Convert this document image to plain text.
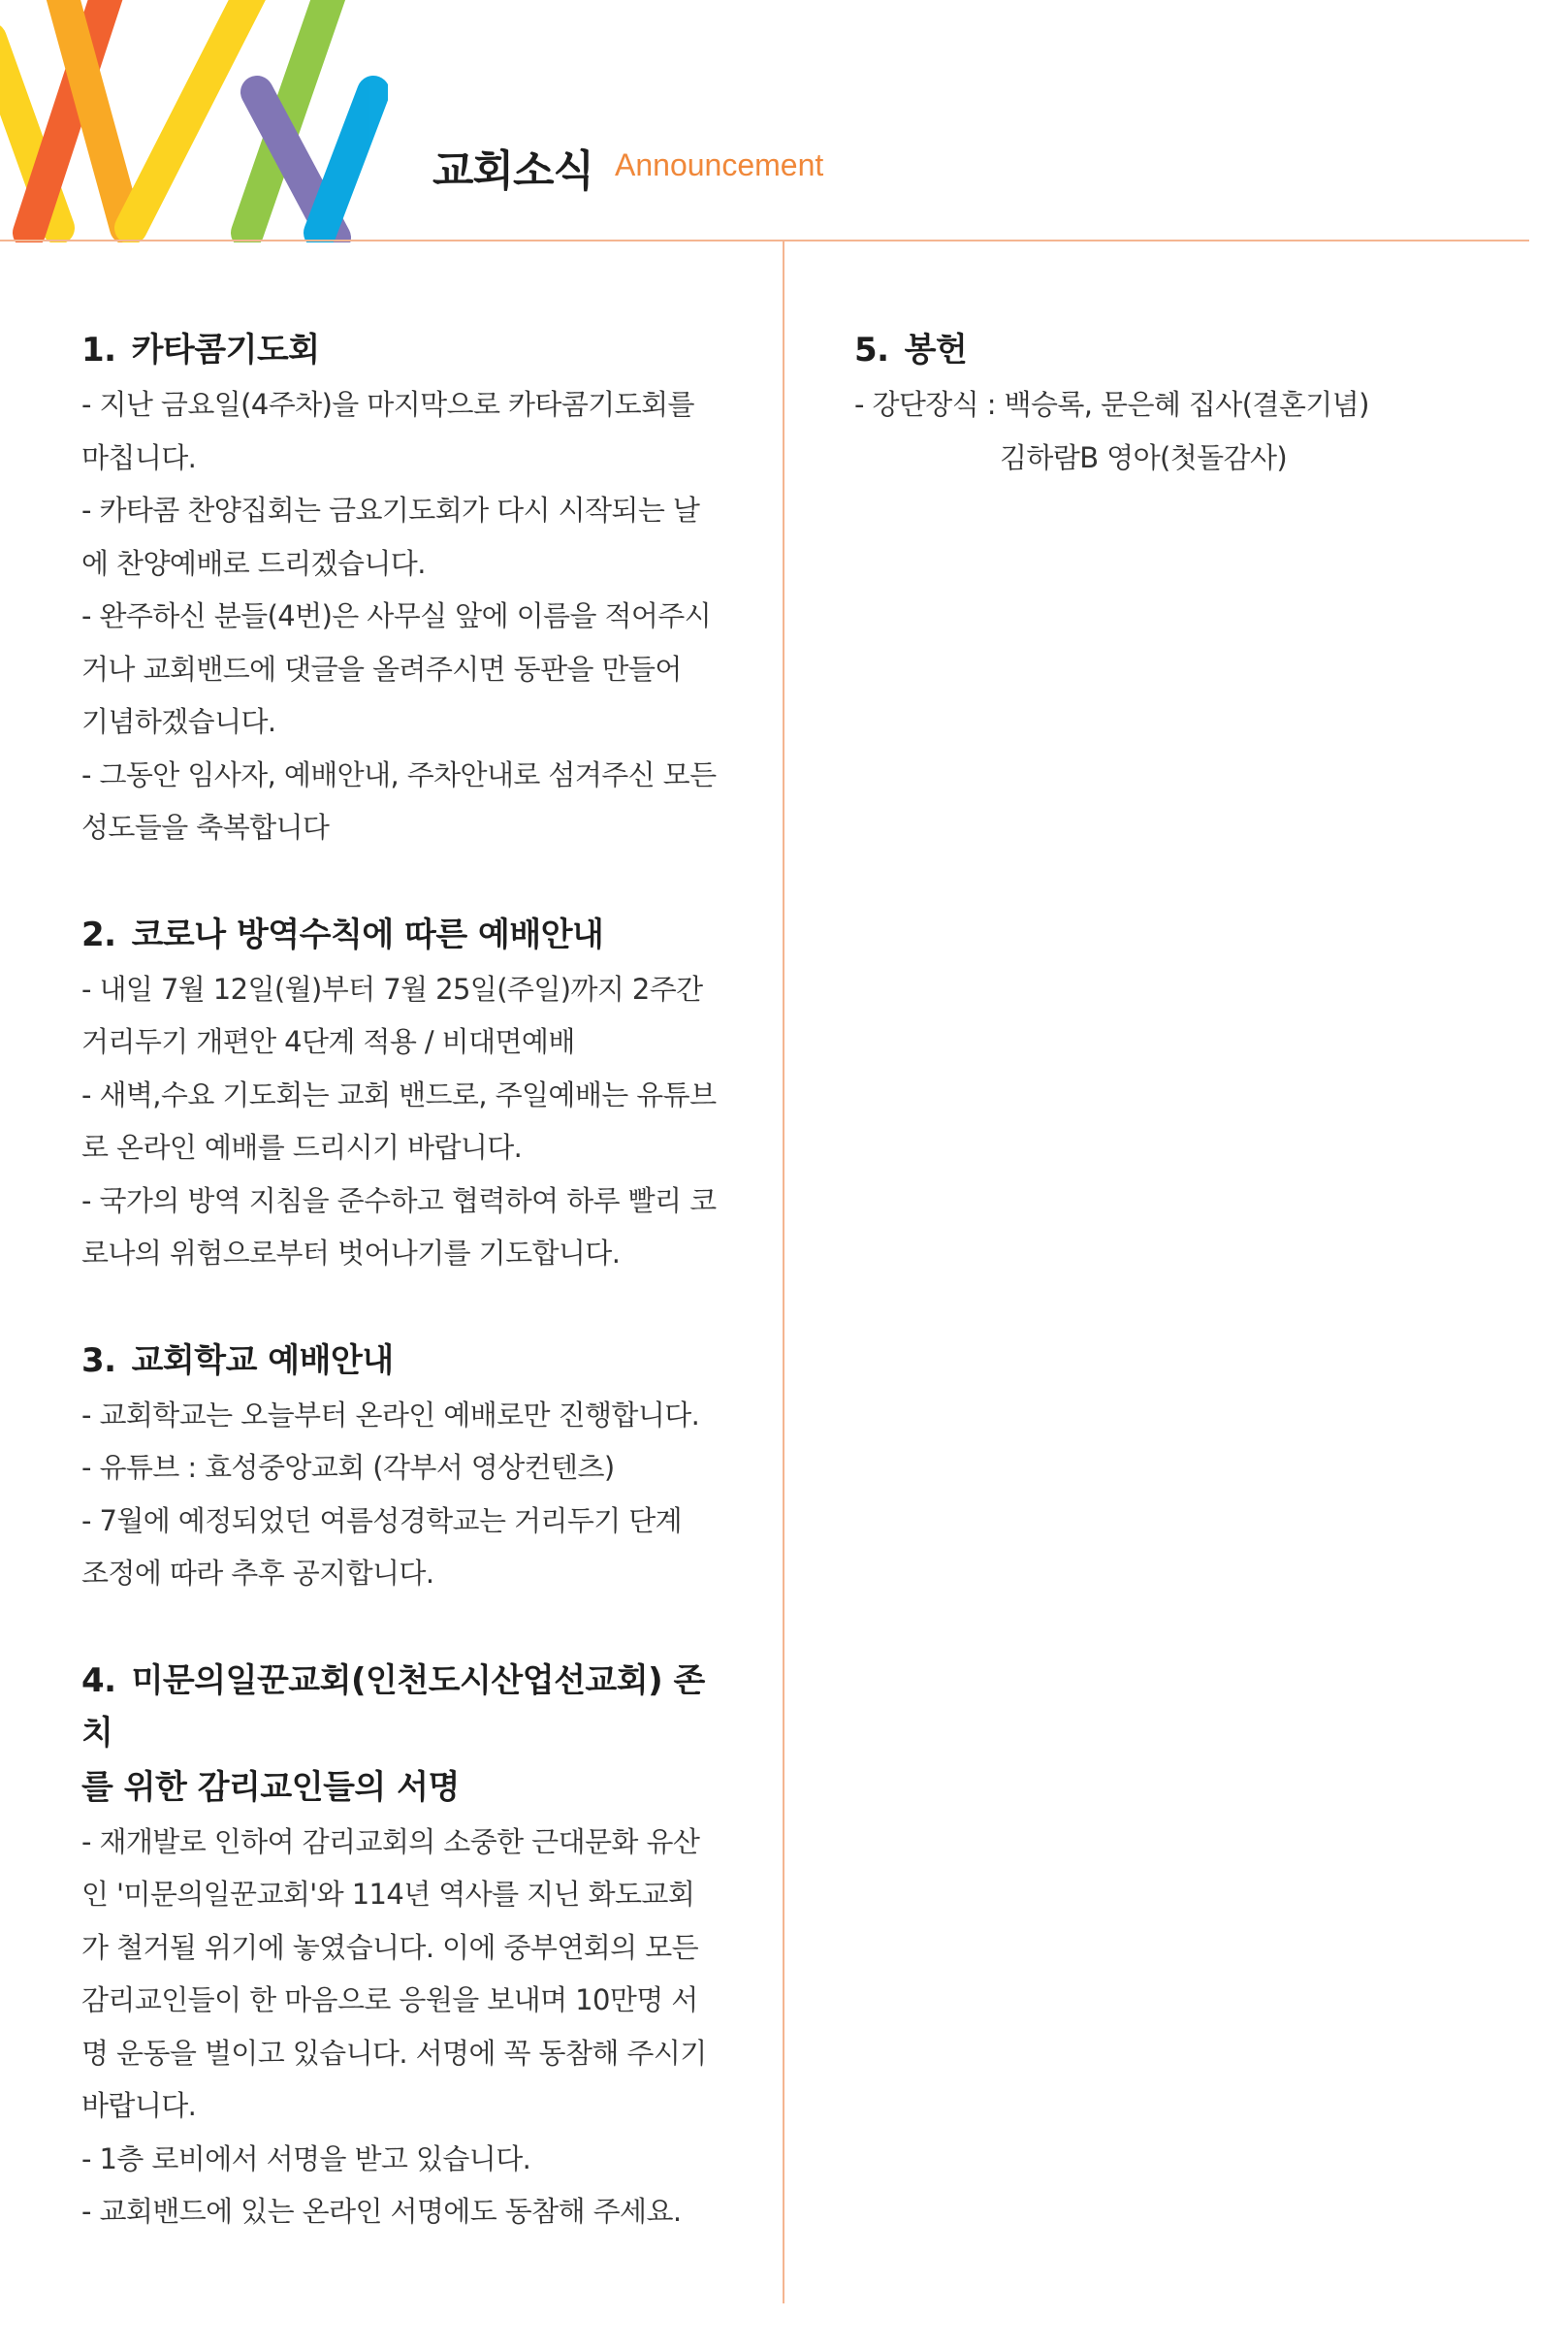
교회소식 Announcement
1. 카타콤기도회
- 지난 금요일(4주차)을 마지막으로 카타콤기도회를
마칩니다.
- 카타콤 찬양집회는 금요기도회가 다시 시작되는 날
에 찬양예배로 드리겠습니다.
- 완주하신 분들(4번)은 사무실 앞에 이름을 적어주시
거나 교회밴드에 댓글을 올려주시면 동판을 만들어
기념하겠습니다.
- 그동안 임사자, 예배안내, 주차안내로 섬겨주신 모든
성도들을 축복합니다
2. 코로나 방역수칙에 따른 예배안내
- 내일 7월 12일(월)부터 7월 25일(주일)까지 2주간
거리두기 개편안 4단계 적용 / 비대면예배
- 새벽,수요 기도회는 교회 밴드로, 주일예배는 유튜브
로 온라인 예배를 드리시기 바랍니다.
- 국가의 방역 지침을 준수하고 협력하여 하루 빨리 코
로나의 위험으로부터 벗어나기를 기도합니다.
3. 교회학교 예배안내
- 교회학교는 오늘부터 온라인 예배로만 진행합니다.
- 유튜브 : 효성중앙교회 (각부서 영상컨텐츠)
- 7월에 예정되었던 여름성경학교는 거리두기 단계
조정에 따라 추후 공지합니다.
4. 미문의일꾼교회(인천도시산업선교회) 존치
를 위한 감리교인들의 서명
- 재개발로 인하여 감리교회의 소중한 근대문화 유산
인 '미문의일꾼교회'와 114년 역사를 지닌 화도교회
가 철거될 위기에 놓였습니다. 이에 중부연회의 모든
감리교인들이 한 마음으로 응원을 보내며 10만명 서
명 운동을 벌이고 있습니다. 서명에 꼭 동참해 주시기
바랍니다.
- 1층 로비에서 서명을 받고 있습니다.
- 교회밴드에 있는 온라인 서명에도 동참해 주세요.
5. 봉헌
- 강단장식 : 백승록, 문은혜 집사(결혼기념)
김하람B 영아(첫돌감사)
